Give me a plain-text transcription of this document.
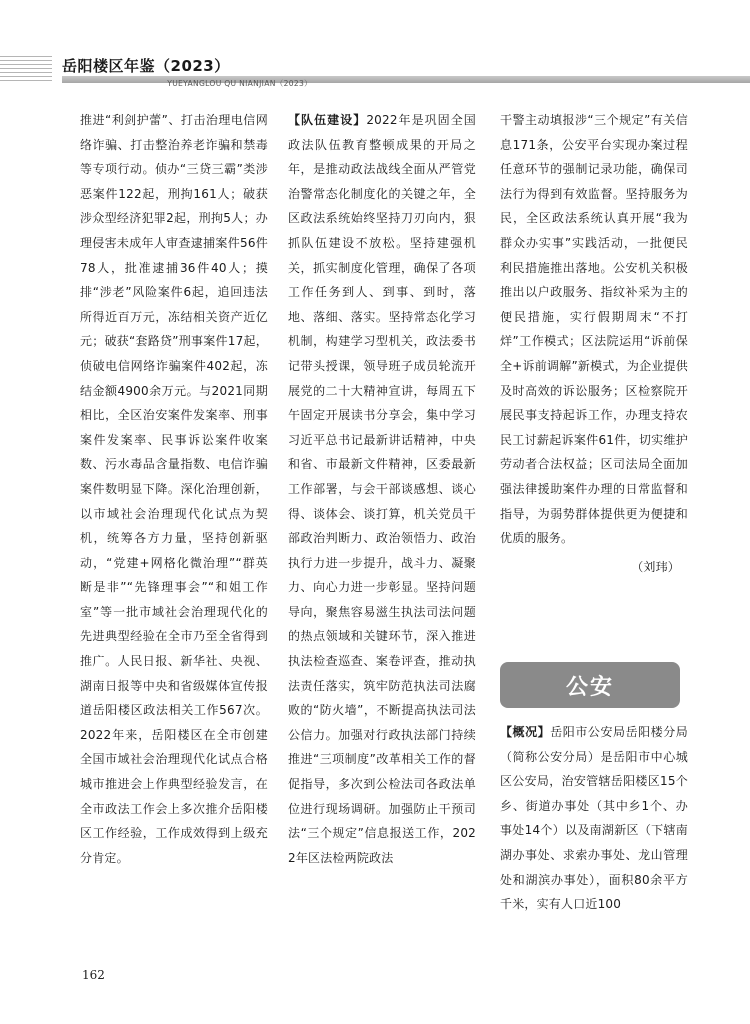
岳阳楼区年鉴（2023）
YUEYANGLOU QU NIANJIAN（2023）

推进“利剑护蕾”、打击治理电信网络诈骗、打击整治养老诈骗和禁毒等专项行动。侦办“三贷三霸”类涉恶案件122起，刑拘161人；破获涉众型经济犯罪2起，刑拘5人；办理侵害未成年人审查逮捕案件56件78人，批准逮捕36件40人；摸排“涉老”风险案件6起，追回违法所得近百万元，冻结相关资产近亿元；破获“套路贷”刑事案件17起，侦破电信网络诈骗案件402起，冻结金额4900余万元。与2021同期相比，全区治安案件发案率、刑事案件发案率、民事诉讼案件收案数、污水毒品含量指数、电信诈骗案件数明显下降。深化治理创新，以市域社会治理现代化试点为契机，统筹各方力量，坚持创新驱动，“党建+网格化微治理”“群英断是非”“先锋理事会”“和姐工作室”等一批市域社会治理现代化的先进典型经验在全市乃至全省得到推广。人民日报、新华社、央视、湖南日报等中央和省级媒体宣传报道岳阳楼区政法相关工作567次。2022年来，岳阳楼区在全市创建全国市域社会治理现代化试点合格城市推进会上作典型经验发言，在全市政法工作会上多次推介岳阳楼区工作经验，工作成效得到上级充分肯定。

【队伍建设】2022年是巩固全国政法队伍教育整顿成果的开局之年，是推动政法战线全面从严管党治警常态化制度化的关键之年，全区政法系统始终坚持刀刃向内，狠抓队伍建设不放松。坚持建强机关，抓实制度化管理，确保了各项工作任务到人、到事、到时，落地、落细、落实。坚持常态化学习机制，构建学习型机关，政法委书记带头授课，领导班子成员轮流开展党的二十大精神宣讲，每周五下午固定开展读书分享会，集中学习习近平总书记最新讲话精神，中央和省、市最新文件精神，区委最新工作部署，与会干部谈感想、谈心得、谈体会、谈打算，机关党员干部政治判断力、政治领悟力、政治执行力进一步提升，战斗力、凝聚力、向心力进一步彰显。坚持问题导向，聚焦容易滋生执法司法问题的热点领域和关键环节，深入推进执法检查巡查、案卷评查，推动执法责任落实，筑牢防范执法司法腐败的“防火墙”，不断提高执法司法公信力。加强对行政执法部门持续推进“三项制度”改革相关工作的督促指导，多次到公检法司各政法单位进行现场调研。加强防止干预司法“三个规定”信息报送工作，2022年区法检两院政法

干警主动填报涉“三个规定”有关信息171条，公安平台实现办案过程任意环节的强制记录功能，确保司法行为得到有效监督。坚持服务为民，全区政法系统认真开展“我为群众办实事”实践活动，一批便民利民措施推出落地。公安机关积极推出以户政服务、指纹补采为主的便民措施，实行假期周末“不打烊”工作模式；区法院运用“诉前保全+诉前调解”新模式，为企业提供及时高效的诉讼服务；区检察院开展民事支持起诉工作，办理支持农民工讨薪起诉案件61件，切实维护劳动者合法权益；区司法局全面加强法律援助案件办理的日常监督和指导，为弱势群体提供更为便捷和优质的服务。

（刘玮）

公安

【概况】岳阳市公安局岳阳楼分局（简称公安分局）是岳阳市中心城区公安局，治安管辖岳阳楼区15个乡、街道办事处（其中乡1个、办事处14个）以及南湖新区（下辖南湖办事处、求索办事处、龙山管理处和湖滨办事处），面积80余平方千米，实有人口近100

162
